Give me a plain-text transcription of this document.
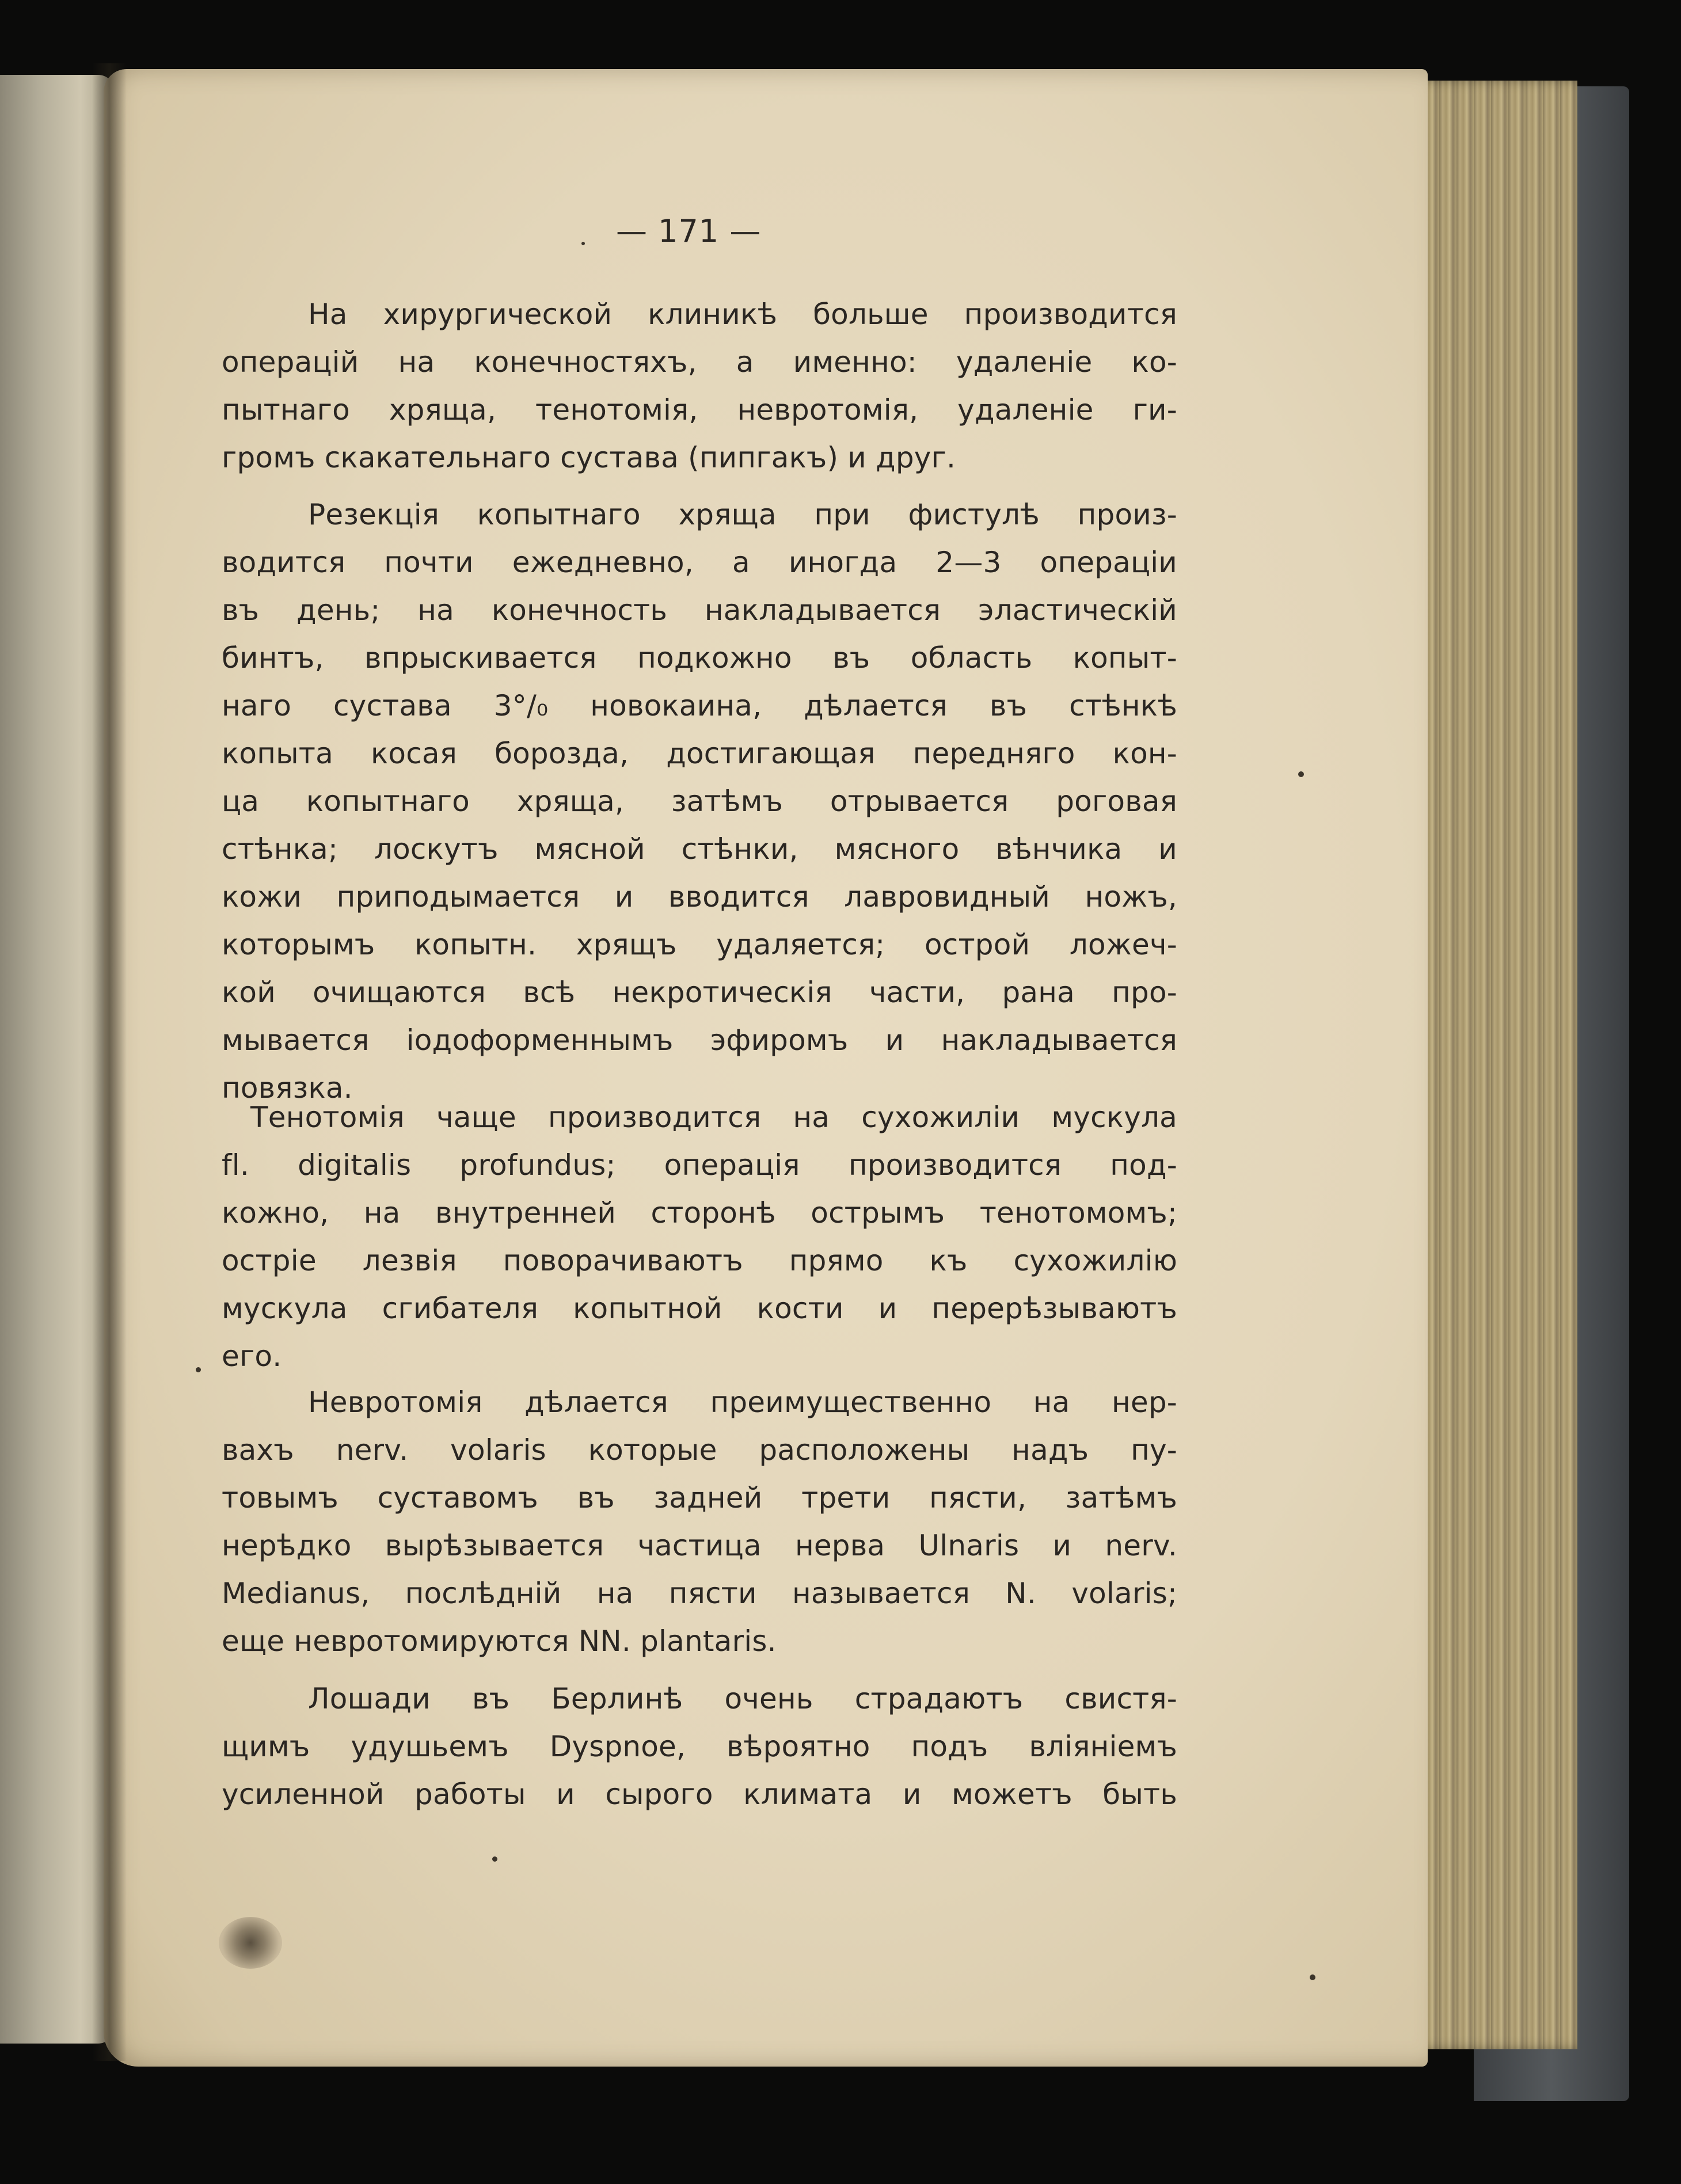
— 171 —
На хирургической клиникѣ больше производится
операцій на конечностяхъ, а именно: удаленіе ко-
пытнаго хряща, тенотомія, невротомія, удаленіе ги-
громъ скакательнаго сустава (пипгакъ) и друг.
Резекція копытнаго хряща при фистулѣ произ-
водится почти ежедневно, а иногда 2—3 операціи
въ день; на конечность накладывается эластическій
бинтъ, впрыскивается подкожно въ область копыт-
наго сустава 3°/₀ новокаина, дѣлается въ стѣнкѣ
копыта косая борозда, достигающая передняго кон-
ца копытнаго хряща, затѣмъ отрывается роговая
стѣнка; лоскутъ мясной стѣнки, мясного вѣнчика и
кожи приподымается и вводится лавровидный ножъ,
которымъ копытн. хрящъ удаляется; острой ложеч-
кой очищаются всѣ некротическія части, рана про-
мывается іодоформеннымъ эфиромъ и накладывается
повязка.
Тенотомія чаще производится на сухожиліи мускула
fl. digitalis profundus; операція производится под-
кожно, на внутренней сторонѣ острымъ тенотомомъ;
остріе лезвія поворачиваютъ прямо къ сухожилію
мускула сгибателя копытной кости и перерѣзываютъ
его.
Невротомія дѣлается преимущественно на нер-
вахъ nerv. volaris которые расположены надъ пу-
товымъ суставомъ въ задней трети пясти, затѣмъ
нерѣдко вырѣзывается частица нерва Ulnaris и nerv.
Medianus, послѣдній на пясти называется N. volaris;
еще невротомируются NN. plantaris.
Лошади въ Берлинѣ очень страдаютъ свистя-
щимъ удушьемъ Dyspnoe, вѣроятно подъ вліяніемъ
усиленной работы и сырого климата и можетъ быть
